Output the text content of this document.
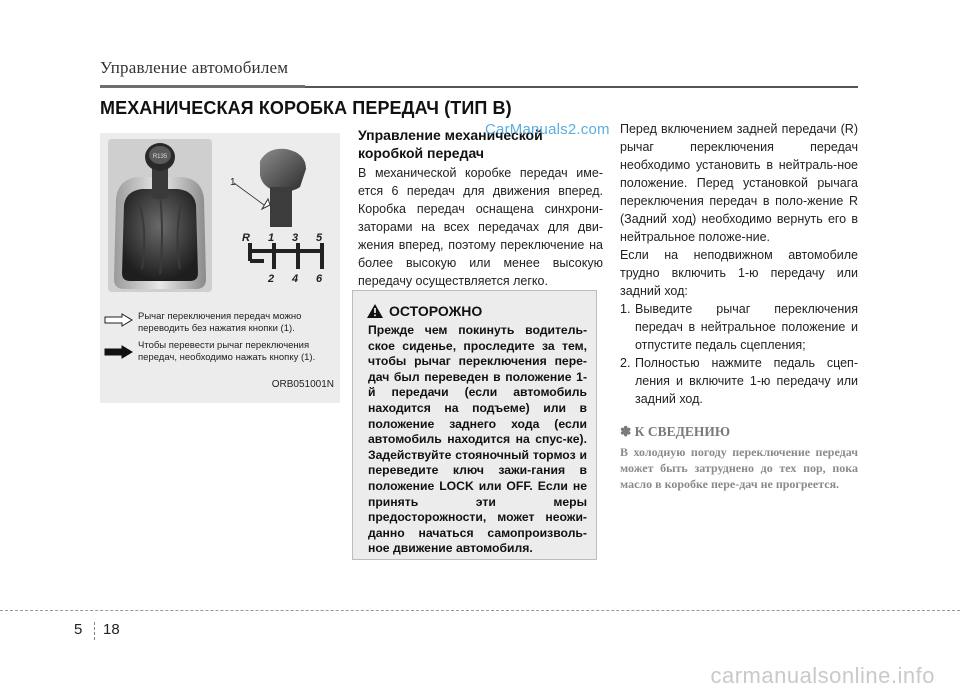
Управление автомобилем
МЕХАНИЧЕСКАЯ КОРОБКА ПЕРЕДАЧ (ТИП B)
R135
1
R 1 3 5
2 4 6
Рычаг переключения передач можно переводить без нажатия кнопки (1).
Чтобы перевести рычаг переключения передач, необходимо нажать кнопку (1).
ORB051001N
Управление механической коробкой передач
CarManuals2.com
В механической коробке передач име-ется 6 передач для движения вперед. Коробка передач оснащена синхрони-заторами на всех передачах для дви-жения вперед, поэтому переключение на более высокую или менее высокую передачу осуществляется легко.
ОСТОРОЖНО
Прежде чем покинуть водитель-ское сиденье, проследите за тем, чтобы рычаг переключения пере-дач был переведен в положение 1-й передачи (если автомобиль находится на подъеме) или в положение заднего хода (если автомобиль находится на спус-ке). Задействуйте стояночный тормоз и переведите ключ зажи-гания в положение LOCK или OFF. Если не принять эти меры предосторожности, может неожи-данно начаться самопроизволь-ное движение автомобиля.

Перед включением задней передачи (R) рычаг переключения передач необходимо установить в нейтраль-ное положение. Перед установкой рычага переключения передач в поло-жение R (Задний ход) необходимо вернуть его в нейтральное положе-ние.

Если на неподвижном автомобиле трудно включить 1-ю передачу или задний ход:

1. Выведите рычаг переключения передач в нейтральное положение и отпустите педаль сцепления;
2. Полностью нажмите педаль сцеп-ления и включите 1-ю передачу или задний ход.
✽ К СВЕДЕНИЮ
В холодную погоду переключение передач может быть затруднено до тех пор, пока масло в коробке пере-дач не прогреется.
5 18
carmanualsonline.info
